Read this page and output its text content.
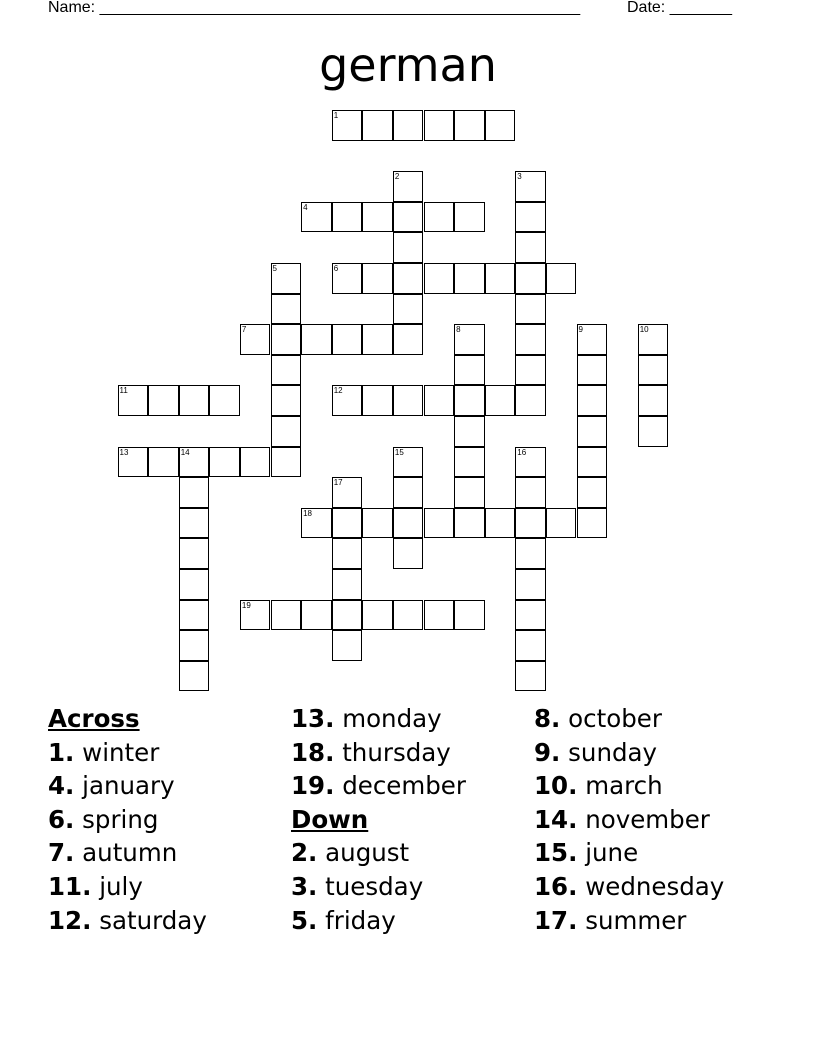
Name: ______________________________________________________	Date: _______
german
1
2	3
4
5	6
7	8	9	10
11	12
13	14	15	16
17
18
19
Across
1. winter
4. january
6. spring
7. autumn
11. july
12. saturday
13. monday
18. thursday
19. december
Down
2. august
3. tuesday
5. friday
8. october
9. sunday
10. march
14. november
15. june
16. wednesday
17. summer
